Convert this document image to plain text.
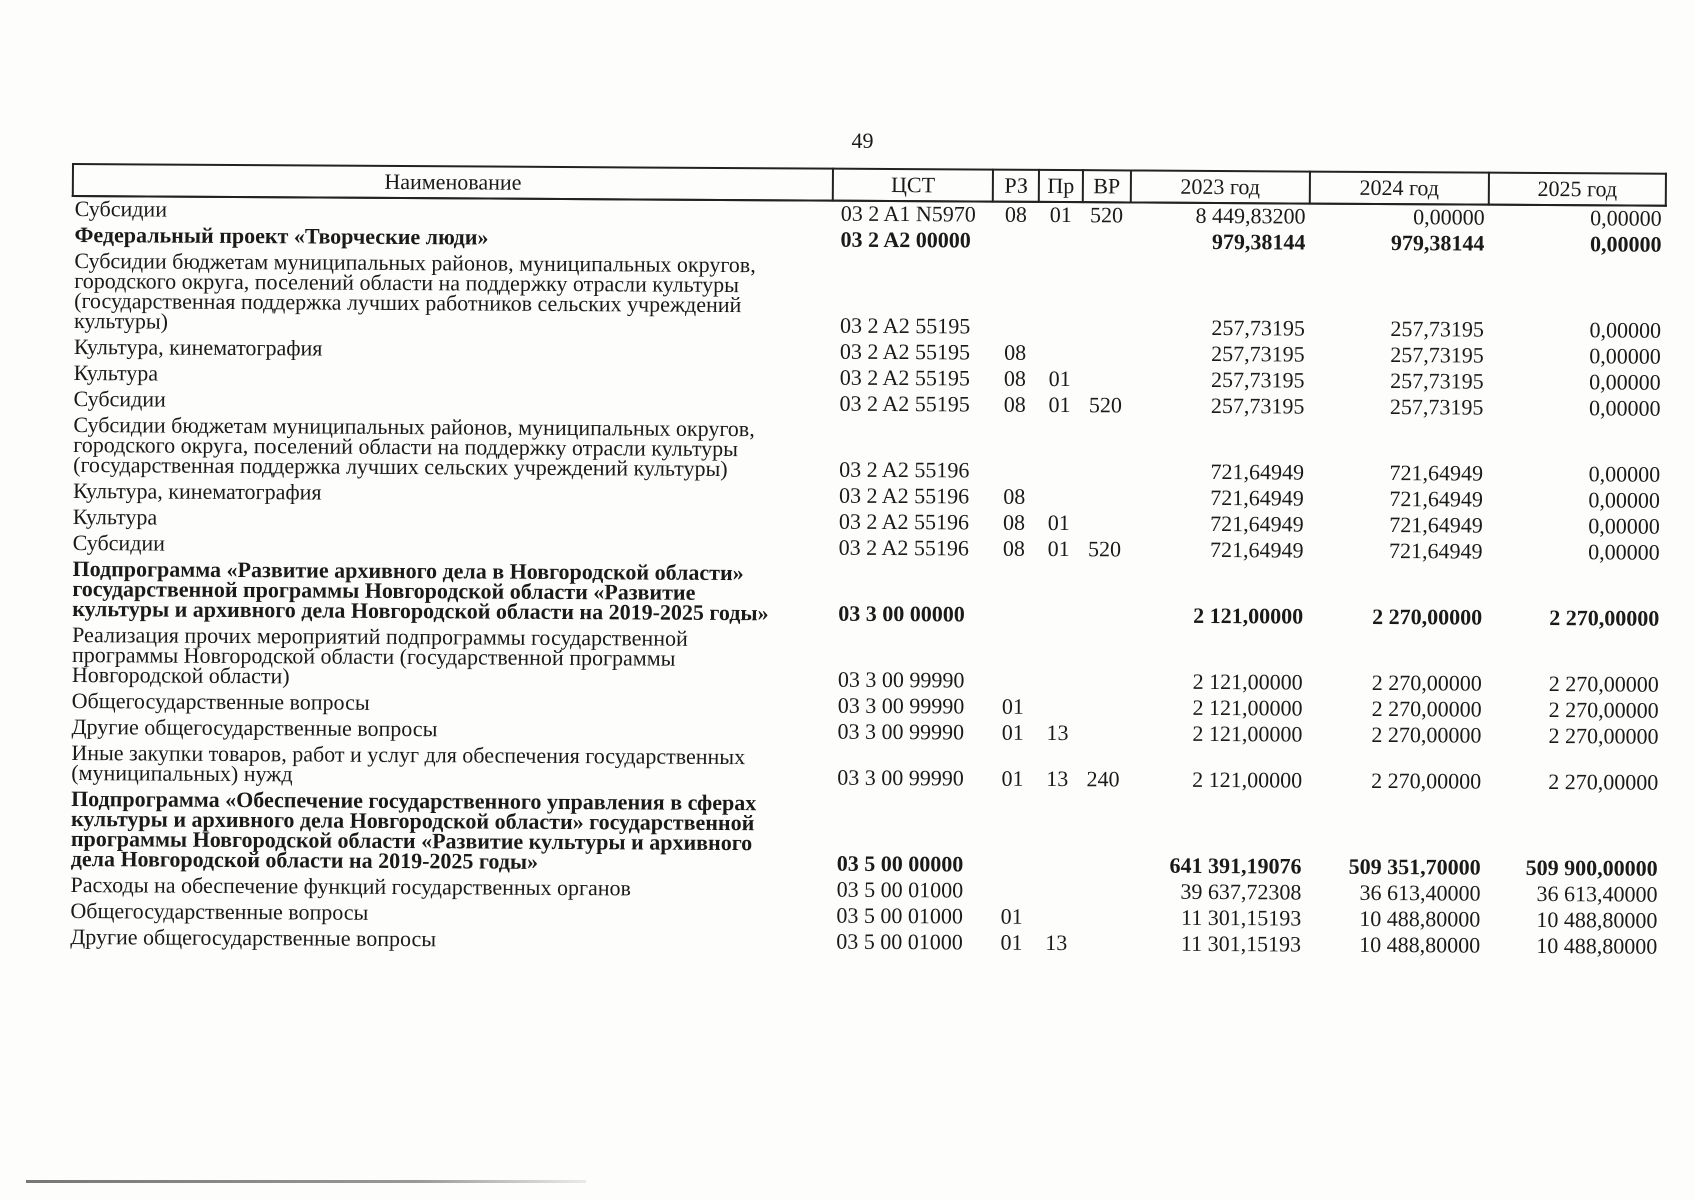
49
Наименование	ЦСТ	РЗ	Пр	ВР	2023 год	2024 год	2025 год
Субсидии	03 2 A1 N5970	08	01	520	8 449,83200	0,00000	0,00000
Федеральный проект «Творческие люди»	03 2 A2 00000				979,38144	979,38144	0,00000
Субсидии бюджетам муниципальных районов, муниципальных округов, городского округа, поселений области на поддержку отрасли культуры (государственная поддержка лучших работников сельских учреждений культуры)	03 2 A2 55195				257,73195	257,73195	0,00000
Культура, кинематография	03 2 A2 55195	08			257,73195	257,73195	0,00000
Культура	03 2 A2 55195	08	01		257,73195	257,73195	0,00000
Субсидии	03 2 A2 55195	08	01	520	257,73195	257,73195	0,00000
Субсидии бюджетам муниципальных районов, муниципальных округов, городского округа, поселений области на поддержку отрасли культуры (государственная поддержка лучших сельских учреждений культуры)	03 2 A2 55196				721,64949	721,64949	0,00000
Культура, кинематография	03 2 A2 55196	08			721,64949	721,64949	0,00000
Культура	03 2 A2 55196	08	01		721,64949	721,64949	0,00000
Субсидии	03 2 A2 55196	08	01	520	721,64949	721,64949	0,00000
Подпрограмма «Развитие архивного дела в Новгородской области» государственной программы Новгородской области «Развитие культуры и архивного дела Новгородской области на 2019-2025 годы»	03 3 00 00000				2 121,00000	2 270,00000	2 270,00000
Реализация прочих мероприятий подпрограммы государственной программы Новгородской области (государственной программы Новгородской области)	03 3 00 99990				2 121,00000	2 270,00000	2 270,00000
Общегосударственные вопросы	03 3 00 99990	01			2 121,00000	2 270,00000	2 270,00000
Другие общегосударственные вопросы	03 3 00 99990	01	13		2 121,00000	2 270,00000	2 270,00000
Иные закупки товаров, работ и услуг для обеспечения государственных (муниципальных) нужд	03 3 00 99990	01	13	240	2 121,00000	2 270,00000	2 270,00000
Подпрограмма «Обеспечение государственного управления в сферах культуры и архивного дела Новгородской области» государственной программы Новгородской области «Развитие культуры и архивного дела Новгородской области на 2019-2025 годы»	03 5 00 00000				641 391,19076	509 351,70000	509 900,00000
Расходы на обеспечение функций государственных органов	03 5 00 01000				39 637,72308	36 613,40000	36 613,40000
Общегосударственные вопросы	03 5 00 01000	01			11 301,15193	10 488,80000	10 488,80000
Другие общегосударственные вопросы	03 5 00 01000	01	13		11 301,15193	10 488,80000	10 488,80000
